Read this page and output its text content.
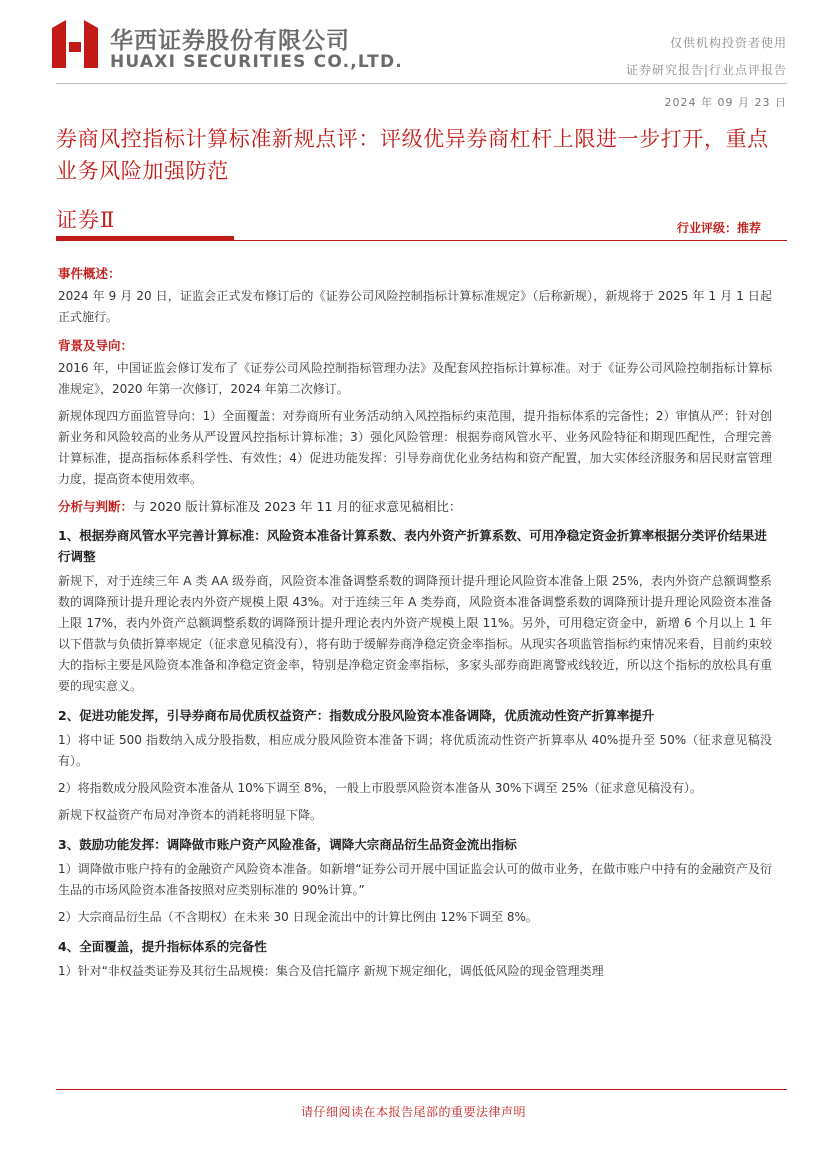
华西证券股份有限公司
HUAXI SECURITIES CO.,LTD.
仅供机构投资者使用
证券研究报告|行业点评报告
2024 年 09 月 23 日
券商风控指标计算标准新规点评：评级优异券商杠杆上限进一步打开，重点业务风险加强防范
证券Ⅱ	行业评级：推荐
事件概述：

2024 年 9 月 20 日，证监会正式发布修订后的《证券公司风险控制指标计算标准规定》（后称新规），新规将于 2025 年 1 月 1 日起正式施行。

背景及导向：

2016 年，中国证监会修订发布了《证券公司风险控制指标管理办法》及配套风控指标计算标准。对于《证券公司风险控制指标计算标准规定》，2020 年第一次修订，2024 年第二次修订。

新规体现四方面监管导向：1）全面覆盖：对券商所有业务活动纳入风控指标约束范围，提升指标体系的完备性；2）审慎从严：针对创新业务和风险较高的业务从严设置风控指标计算标准；3）强化风险管理：根据券商风管水平、业务风险特征和期现匹配性，合理完善计算标准，提高指标体系科学性、有效性；4）促进功能发挥：引导券商优化业务结构和资产配置，加大实体经济服务和居民财富管理力度，提高资本使用效率。

分析与判断：与 2020 版计算标准及 2023 年 11 月的征求意见稿相比：
1、根据券商风管水平完善计算标准：风险资本准备计算系数、表内外资产折算系数、可用净稳定资金折算率根据分类评价结果进行调整

新规下，对于连续三年 A 类 AA 级券商，风险资本准备调整系数的调降预计提升理论风险资本准备上限 25%，表内外资产总额调整系数的调降预计提升理论表内外资产规模上限 43%。对于连续三年 A 类券商，风险资本准备调整系数的调降预计提升理论风险资本准备上限 17%，表内外资产总额调整系数的调降预计提升理论表内外资产规模上限 11%。另外，可用稳定资金中，新增 6 个月以上 1 年以下借款与负债折算率规定（征求意见稿没有），将有助于缓解券商净稳定资金率指标。从现实各项监管指标约束情况来看，目前约束较大的指标主要是风险资本准备和净稳定资金率，特别是净稳定资金率指标，多家头部券商距离警戒线较近，所以这个指标的放松具有重要的现实意义。

2、促进功能发挥，引导券商布局优质权益资产：指数成分股风险资本准备调降，优质流动性资产折算率提升

1）将中证 500 指数纳入成分股指数，相应成分股风险资本准备下调；将优质流动性资产折算率从 40%提升至 50%（征求意见稿没有）。

2）将指数成分股风险资本准备从 10%下调至 8%，一般上市股票风险资本准备从 30%下调至 25%（征求意见稿没有）。

新规下权益资产布局对净资本的消耗将明显下降。

3、鼓励功能发挥：调降做市账户资产风险准备，调降大宗商品衍生品资金流出指标

1）调降做市账户持有的金融资产风险资本准备。如新增“证券公司开展中国证监会认可的做市业务，在做市账户中持有的金融资产及衍生品的市场风险资本准备按照对应类别标准的 90%计算。”

2）大宗商品衍生品（不含期权）在未来 30 日现金流出中的计算比例由 12%下调至 8%。

4、全面覆盖，提升指标体系的完备性

1）针对“非权益类证券及其衍生品规模：集合及信托篇序 新规下规定细化，调低低风险的现金管理类理

请仔细阅读在本报告尾部的重要法律声明
